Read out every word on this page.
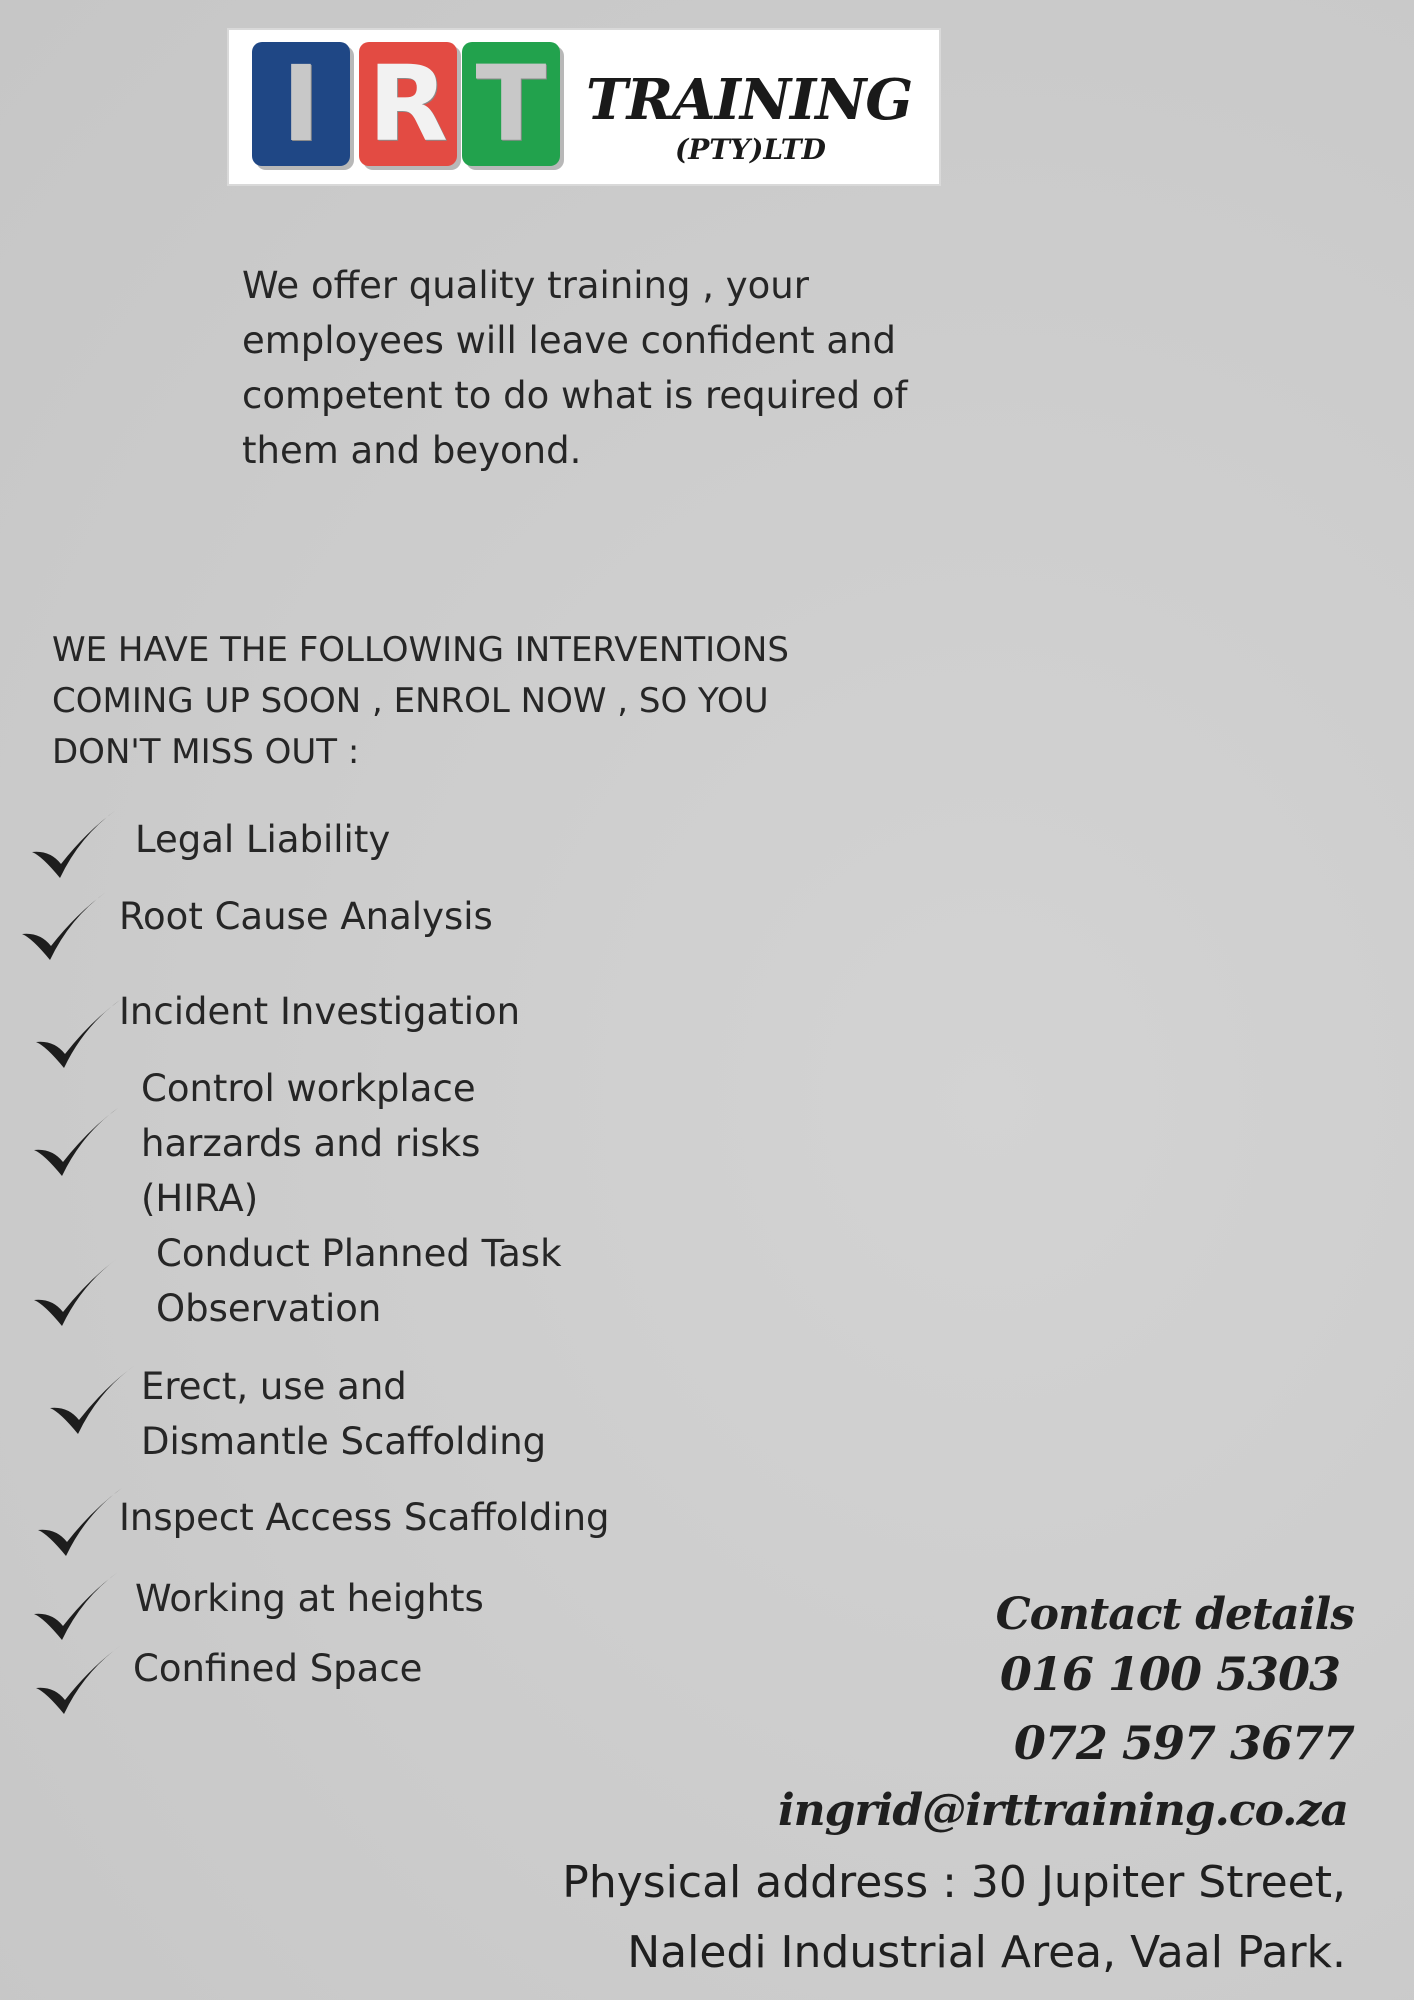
I R T TRAINING
(PTY)LTD

We offer quality training , your
employees will leave confident and
competent to do what is required of
them and beyond.

WE HAVE THE FOLLOWING INTERVENTIONS
COMING UP SOON , ENROL NOW , SO YOU
DON'T MISS OUT :

Legal Liability

Root Cause Analysis

Incident Investigation

Control workplace
harzards and risks
(HIRA)

Conduct Planned Task
Observation

Erect, use and
Dismantle Scaffolding

Inspect Access Scaffolding

Working at heights

Confined Space

Contact details
016 100 5303
072 597 3677
ingrid@irttraining.co.za
Physical address : 30 Jupiter Street,
Naledi Industrial Area, Vaal Park.
